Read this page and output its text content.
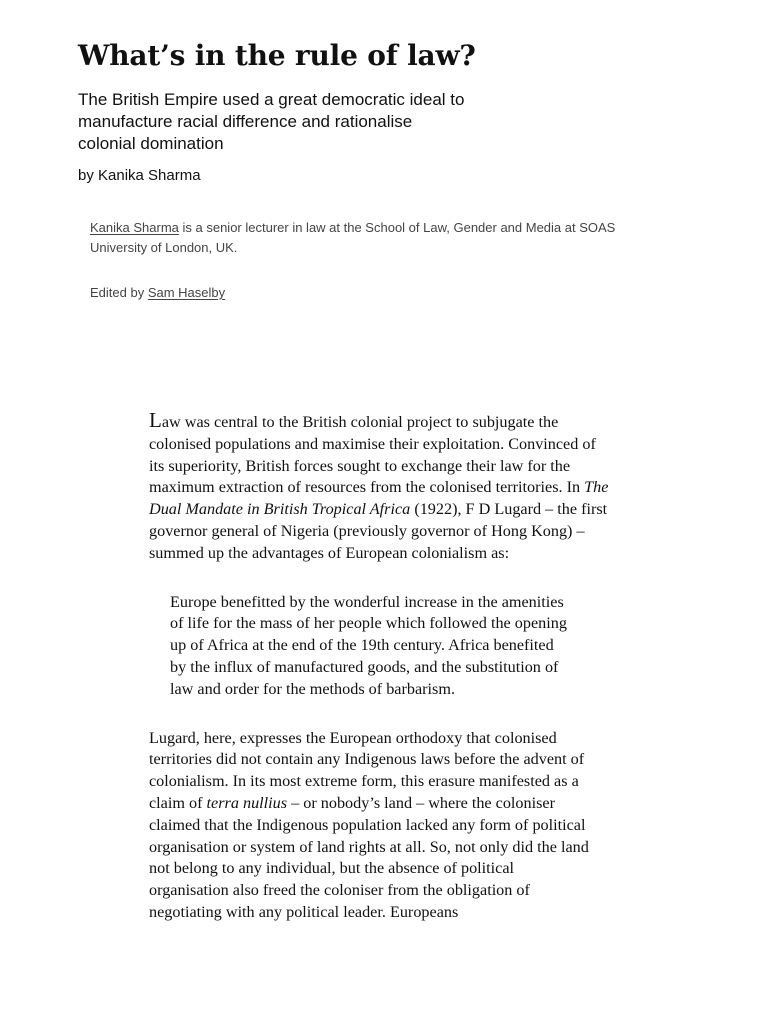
What’s in the rule of law?
The British Empire used a great democratic ideal to manufacture racial difference and rationalise colonial domination
by Kanika Sharma
Kanika Sharma is a senior lecturer in law at the School of Law, Gender and Media at SOAS University of London, UK.
Edited by Sam Haselby

Law was central to the British colonial project to subjugate the colonised populations and maximise their exploitation. Convinced of its superiority, British forces sought to exchange their law for the maximum extraction of resources from the colonised territories. In The Dual Mandate in British Tropical Africa (1922), F D Lugard – the first governor general of Nigeria (previously governor of Hong Kong) – summed up the advantages of European colonialism as:

Europe benefitted by the wonderful increase in the amenities of life for the mass of her people which followed the opening up of Africa at the end of the 19th century. Africa benefited by the influx of manufactured goods, and the substitution of law and order for the methods of barbarism.

Lugard, here, expresses the European orthodoxy that colonised territories did not contain any Indigenous laws before the advent of colonialism. In its most extreme form, this erasure manifested as a claim of terra nullius – or nobody’s land – where the coloniser claimed that the Indigenous population lacked any form of political organisation or system of land rights at all. So, not only did the land not belong to any individual, but the absence of political organisation also freed the coloniser from the obligation of negotiating with any political leader. Europeans
